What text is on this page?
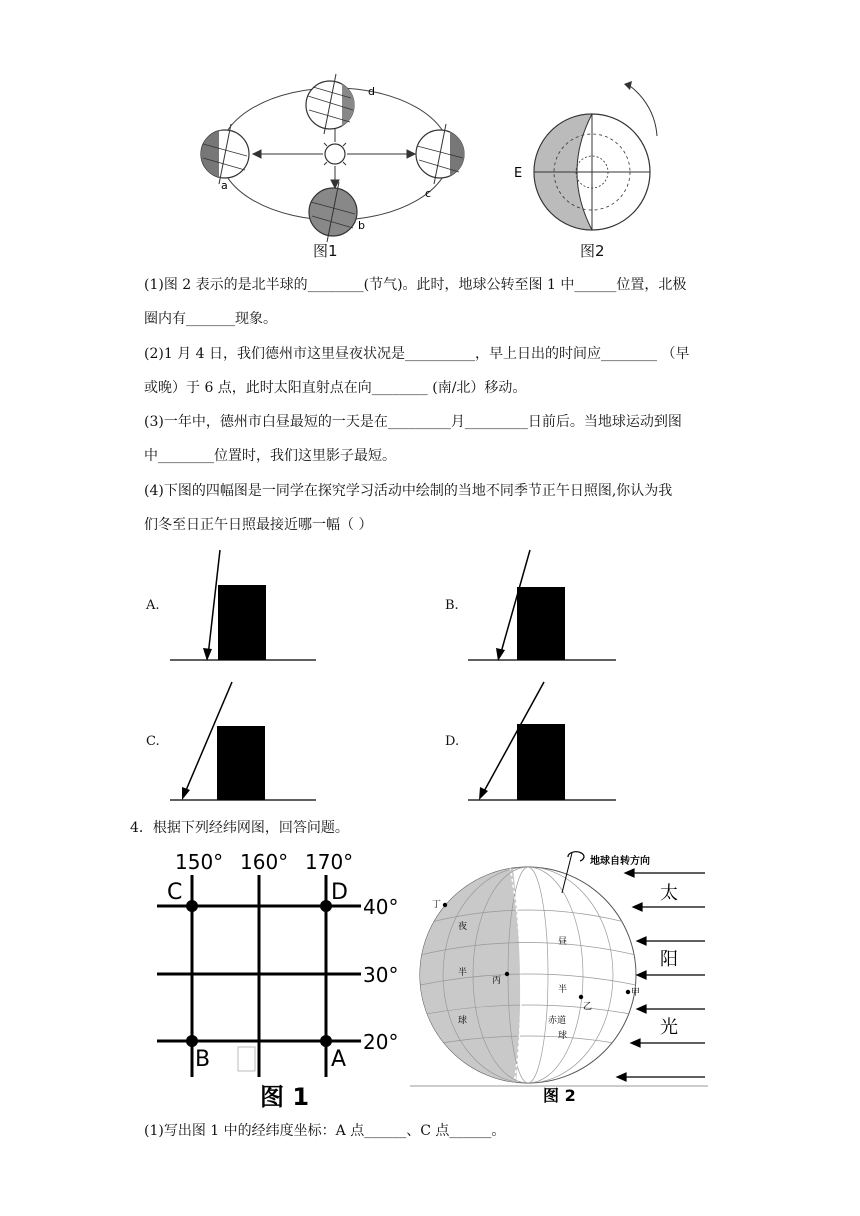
a
c
b
d
图1
E
图2
(1)图 2 表示的是北半球的________(节气)。此时，地球公转至图 1 中______位置，北极
圈内有_______现象。
(2)1 月 4 日，我们德州市这里昼夜状况是__________，早上日出的时间应________ （早
或晚）于 6 点，此时太阳直射点在向________ (南/北）移动。
(3)一年中，德州市白昼最短的一天是在_________月_________日前后。当地球运动到图
中________位置时，我们这里影子最短。
(4)下图的四幅图是一同学在探究学习活动中绘制的当地不同季节正午日照图,你认为我
们冬至日正午日照最接近哪一幅（ ）
A.	B.
C.	D.
4．根据下列经纬网图，回答问题。
150° 160° 170°
40°
30°
20°
C	D
B	A
图 1
地球自转方向
太
阳
光
夜
半
球
昼
半
球
赤道
丁
丙
乙
甲
图 2
(1)写出图 1 中的经纬度坐标：A 点______、C 点______。
